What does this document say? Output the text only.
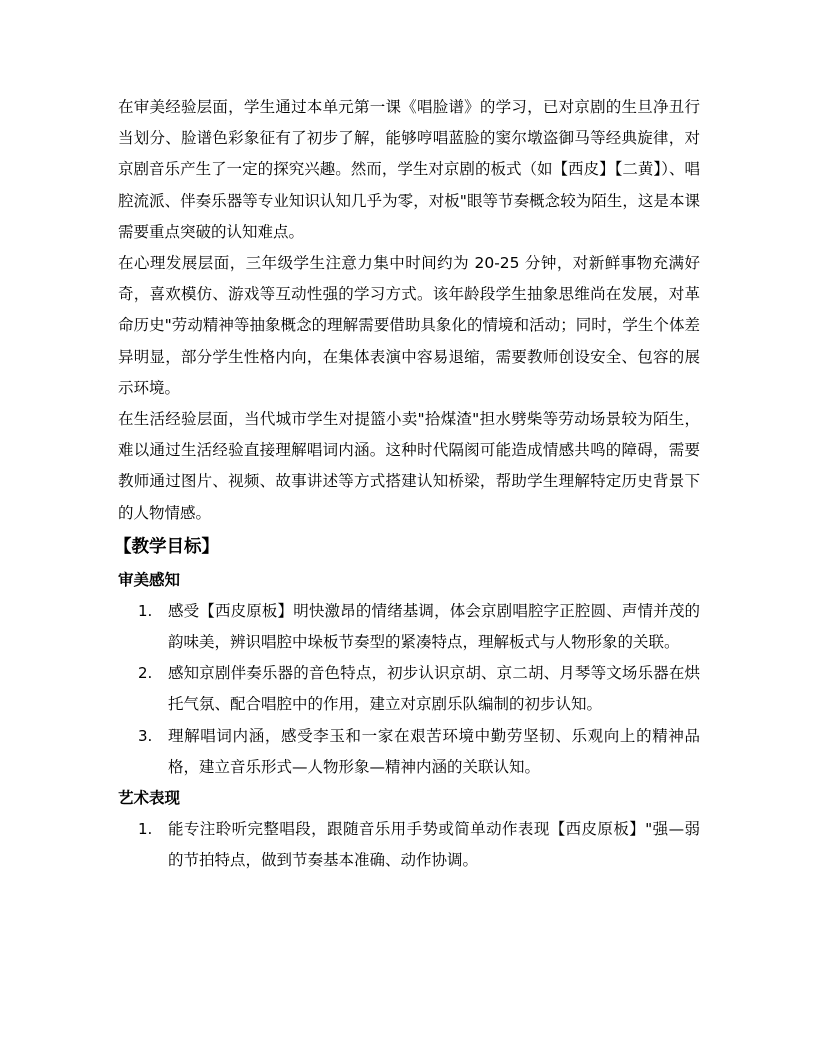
在审美经验层面，学生通过本单元第一课《唱脸谱》的学习，已对京剧的生旦净丑行当划分、脸谱色彩象征有了初步了解，能够哼唱蓝脸的窦尔墩盗御马等经典旋律，对京剧音乐产生了一定的探究兴趣。然而，学生对京剧的板式（如【西皮】【二黄】）、唱腔流派、伴奏乐器等专业知识认知几乎为零，对板"眼等节奏概念较为陌生，这是本课需要重点突破的认知难点。

在心理发展层面，三年级学生注意力集中时间约为 20-25 分钟，对新鲜事物充满好奇，喜欢模仿、游戏等互动性强的学习方式。该年龄段学生抽象思维尚在发展，对革命历史"劳动精神等抽象概念的理解需要借助具象化的情境和活动；同时，学生个体差异明显，部分学生性格内向，在集体表演中容易退缩，需要教师创设安全、包容的展示环境。

在生活经验层面，当代城市学生对提篮小卖"拾煤渣"担水劈柴等劳动场景较为陌生，难以通过生活经验直接理解唱词内涵。这种时代隔阂可能造成情感共鸣的障碍，需要教师通过图片、视频、故事讲述等方式搭建认知桥梁，帮助学生理解特定历史背景下的人物情感。

【教学目标】
审美感知
1. 感受【西皮原板】明快激昂的情绪基调，体会京剧唱腔字正腔圆、声情并茂的韵味美，辨识唱腔中垛板节奏型的紧凑特点，理解板式与人物形象的关联。
2. 感知京剧伴奏乐器的音色特点，初步认识京胡、京二胡、月琴等文场乐器在烘托气氛、配合唱腔中的作用，建立对京剧乐队编制的初步认知。
3. 理解唱词内涵，感受李玉和一家在艰苦环境中勤劳坚韧、乐观向上的精神品格，建立音乐形式—人物形象—精神内涵的关联认知。
艺术表现
1. 能专注聆听完整唱段，跟随音乐用手势或简单动作表现【西皮原板】"强—弱的节拍特点，做到节奏基本准确、动作协调。
